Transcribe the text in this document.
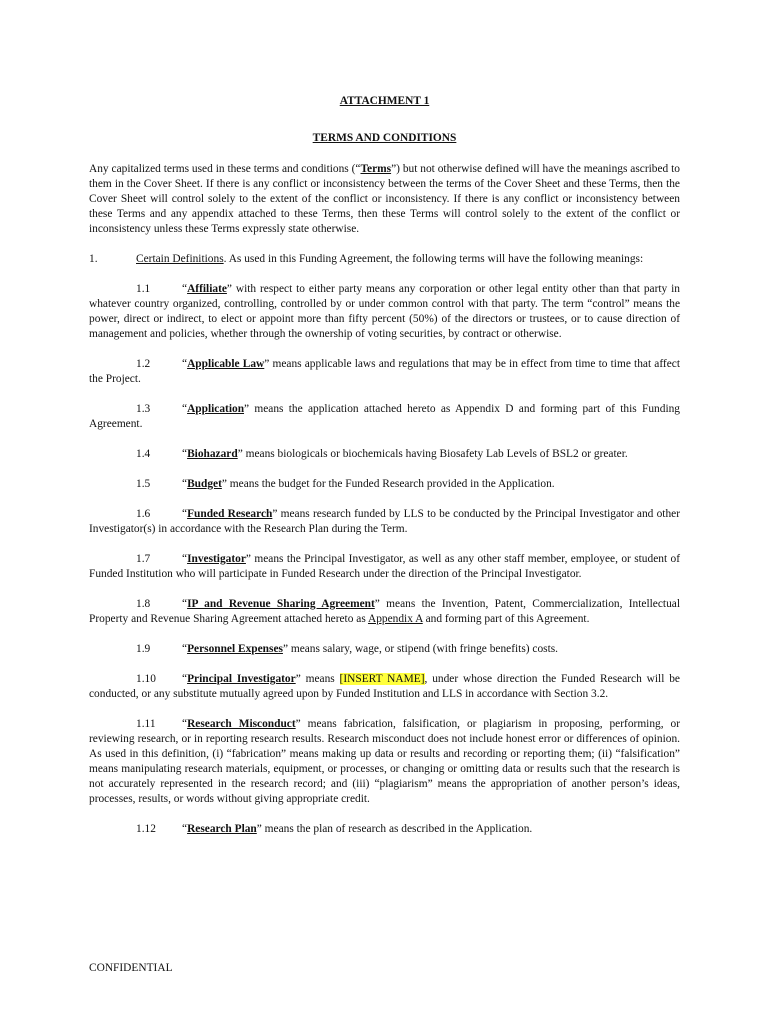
ATTACHMENT 1
TERMS AND CONDITIONS

Any capitalized terms used in these terms and conditions (“Terms”) but not otherwise defined will have the meanings ascribed to them in the Cover Sheet. If there is any conflict or inconsistency between the terms of the Cover Sheet and these Terms, then the Cover Sheet will control solely to the extent of the conflict or inconsistency. If there is any conflict or inconsistency between these Terms and any appendix attached to these Terms, then these Terms will control solely to the extent of the conflict or inconsistency unless these Terms expressly state otherwise.

1.	Certain Definitions. As used in this Funding Agreement, the following terms will have the following meanings:

1.1	“Affiliate” with respect to either party means any corporation or other legal entity other than that party in whatever country organized, controlling, controlled by or under common control with that party. The term “control” means the power, direct or indirect, to elect or appoint more than fifty percent (50%) of the directors or trustees, or to cause direction of management and policies, whether through the ownership of voting securities, by contract or otherwise.

1.2	“Applicable Law” means applicable laws and regulations that may be in effect from time to time that affect the Project.

1.3	“Application” means the application attached hereto as Appendix D and forming part of this Funding Agreement.

1.4	“Biohazard” means biologicals or biochemicals having Biosafety Lab Levels of BSL2 or greater.

1.5	“Budget” means the budget for the Funded Research provided in the Application.

1.6	“Funded Research” means research funded by LLS to be conducted by the Principal Investigator and other Investigator(s) in accordance with the Research Plan during the Term.

1.7	“Investigator” means the Principal Investigator, as well as any other staff member, employee, or student of Funded Institution who will participate in Funded Research under the direction of the Principal Investigator.

1.8	“IP and Revenue Sharing Agreement” means the Invention, Patent, Commercialization, Intellectual Property and Revenue Sharing Agreement attached hereto as Appendix A and forming part of this Agreement.

1.9	“Personnel Expenses” means salary, wage, or stipend (with fringe benefits) costs.

1.10 “Principal Investigator” means [INSERT NAME], under whose direction the Funded Research will be conducted, or any substitute mutually agreed upon by Funded Institution and LLS in accordance with Section 3.2.

1.11 “Research Misconduct” means fabrication, falsification, or plagiarism in proposing, performing, or reviewing research, or in reporting research results. Research misconduct does not include honest error or differences of opinion. As used in this definition, (i) “fabrication” means making up data or results and recording or reporting them; (ii) “falsification” means manipulating research materials, equipment, or processes, or changing or omitting data or results such that the research is not accurately represented in the research record; and (iii) “plagiarism” means the appropriation of another person’s ideas, processes, results, or words without giving appropriate credit.

1.12 “Research Plan” means the plan of research as described in the Application.

CONFIDENTIAL
